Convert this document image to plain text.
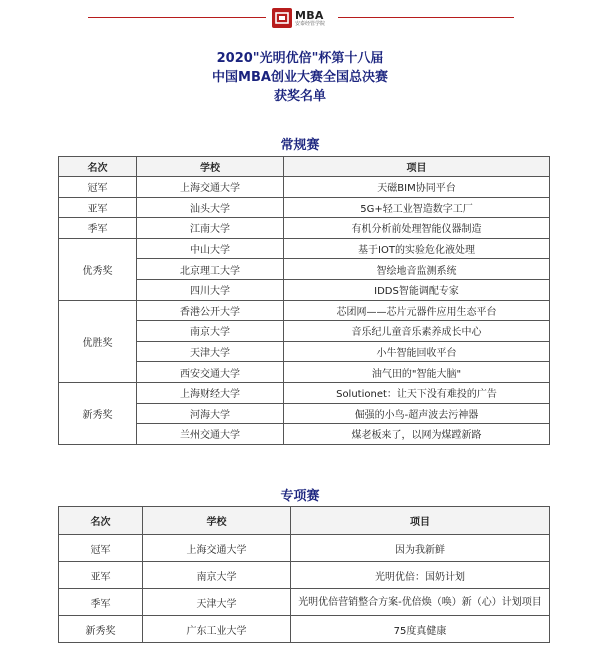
MBA
安泰经管学院
2020"光明优倍"杯第十八届
中国MBA创业大赛全国总决赛
获奖名单
常规赛
名次	学校	项目
冠军	上海交通大学	天磁BIM协同平台
亚军	汕头大学	5G+轻工业智造数字工厂
季军	江南大学	有机分析前处理智能仪器制造
优秀奖	中山大学	基于IOT的实验危化液处理
	北京理工大学	智绘地音监测系统
	四川大学	IDDS智能调配专家
优胜奖	香港公开大学	芯团网——芯片元器件应用生态平台
	南京大学	音乐纪儿童音乐素养成长中心
	天津大学	小牛智能回收平台
	西安交通大学	油气田的"智能大脑"
新秀奖	上海财经大学	Solutionet：让天下没有难投的广告
	河海大学	倔强的小鸟-超声波去污神器
	兰州交通大学	煤老板来了，以网为煤蹚新路
专项赛
名次	学校	项目
冠军	上海交通大学	因为我新鲜
亚军	南京大学	光明优倍：国奶计划
季军	天津大学	光明优倍营销整合方案-优倍焕（唤）新（心）计划项目
新秀奖	广东工业大学	75度真健康
